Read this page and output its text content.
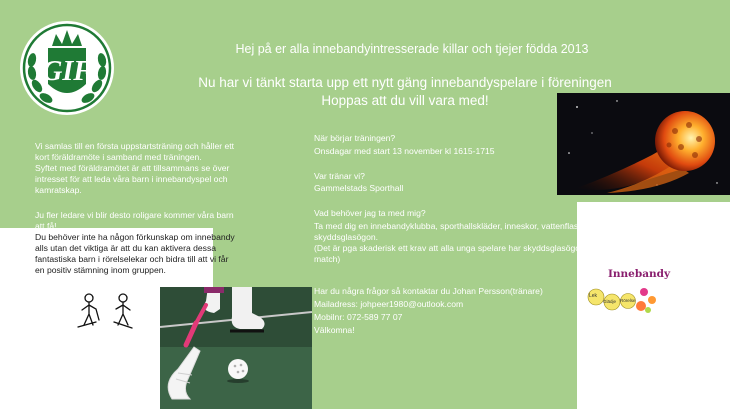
GIF
Hej på er alla innebandyintresserade killar och tjejer födda 2013
Nu har vi tänkt starta upp ett nytt gäng innebandyspelare i föreningen
Hoppas att du vill vara med!
Vi samlas till en första uppstartsträning och håller ett
kort föräldramöte i samband med träningen.
Syftet med föräldramötet är att tillsammans se över
intresset för att leda våra barn i innebandyspel och
kamratskap.
Ju fler ledare vi blir desto roligare kommer våra barn
att få!
Du behöver inte ha någon förkunskap om innebandy
alls utan det viktiga är att du kan aktivera dessa
fantastiska barn i rörelselekar och bidra till att vi får
en positiv stämning inom gruppen.
När börjar träningen?
Onsdagar med start 13 november kl 1615-1715
Var tränar vi?
Gammelstads Sporthall
Vad behöver jag ta med mig?
Ta med dig en innebandyklubba, sporthallskläder, inneskor, vattenflaska och
skyddsglasögon.
(Det är pga skaderisk ett krav att alla unga spelare har skyddsglasögon vid såväl träning som
match)
Har du några frågor så kontaktar du Johan Persson(tränare)
Mailadress: johpeer1980@outlook.com
Mobilnr: 072-589 77 07
Välkomna!
Innebandy
Lek
Glädje Rörelse
